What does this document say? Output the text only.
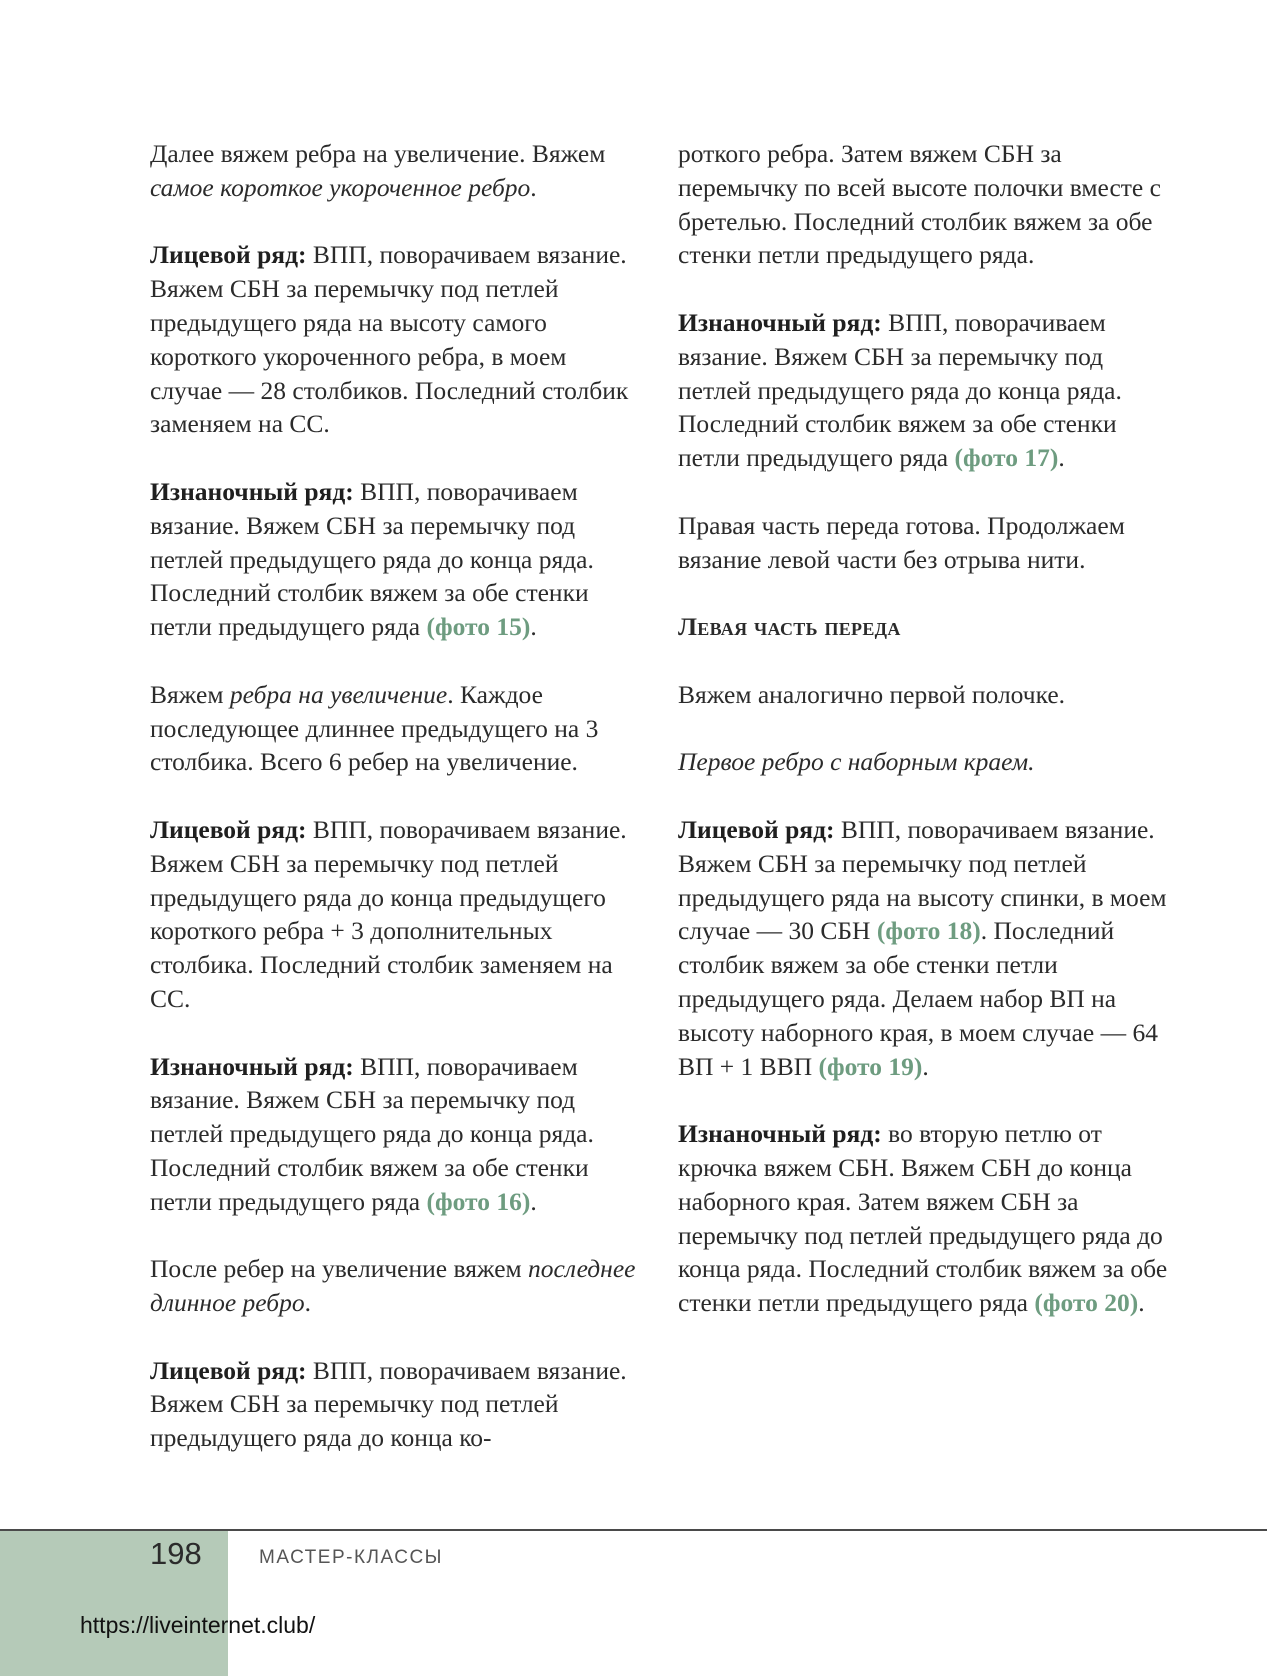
Далее вяжем ребра на увеличение. Вяжем самое короткое укороченное ребро.

Лицевой ряд: ВПП, поворачиваем вязание. Вяжем СБН за перемычку под петлей предыдущего ряда на высоту самого короткого укороченного ребра, в моем случае — 28 столбиков. Последний столбик заменяем на СС.

Изнаночный ряд: ВПП, поворачиваем вязание. Вяжем СБН за перемычку под петлей предыдущего ряда до конца ряда. Последний столбик вяжем за обе стенки петли предыдущего ряда (фото 15).

Вяжем ребра на увеличение. Каждое последующее длиннее предыдущего на 3 столбика. Всего 6 ребер на увеличение.

Лицевой ряд: ВПП, поворачиваем вязание. Вяжем СБН за перемычку под петлей предыдущего ряда до конца предыдущего короткого ребра + 3 дополнительных столбика. Последний столбик заменяем на СС.

Изнаночный ряд: ВПП, поворачиваем вязание. Вяжем СБН за перемычку под петлей предыдущего ряда до конца ряда. Последний столбик вяжем за обе стенки петли предыдущего ряда (фото 16).

После ребер на увеличение вяжем последнее длинное ребро.

Лицевой ряд: ВПП, поворачиваем вязание. Вяжем СБН за перемычку под петлей предыдущего ряда до конца ко-

роткого ребра. Затем вяжем СБН за перемычку по всей высоте полочки вместе с бретелью. Последний столбик вяжем за обе стенки петли предыдущего ряда.

Изнаночный ряд: ВПП, поворачиваем вязание. Вяжем СБН за перемычку под петлей предыдущего ряда до конца ряда. Последний столбик вяжем за обе стенки петли предыдущего ряда (фото 17).

Правая часть переда готова. Продолжаем вязание левой части без отрыва нити.

Левая часть переда

Вяжем аналогично первой полочке.

Первое ребро с наборным краем.

Лицевой ряд: ВПП, поворачиваем вязание. Вяжем СБН за перемычку под петлей предыдущего ряда на высоту спинки, в моем случае — 30 СБН (фото 18). Последний столбик вяжем за обе стенки петли предыдущего ряда. Делаем набор ВП на высоту наборного края, в моем случае — 64 ВП + 1 ВВП (фото 19).

Изнаночный ряд: во вторую петлю от крючка вяжем СБН. Вяжем СБН до конца наборного края. Затем вяжем СБН за перемычку под петлей предыдущего ряда до конца ряда. Последний столбик вяжем за обе стенки петли предыдущего ряда (фото 20).

198	МАСТЕР-КЛАССЫ
https://liveinternet.club/
